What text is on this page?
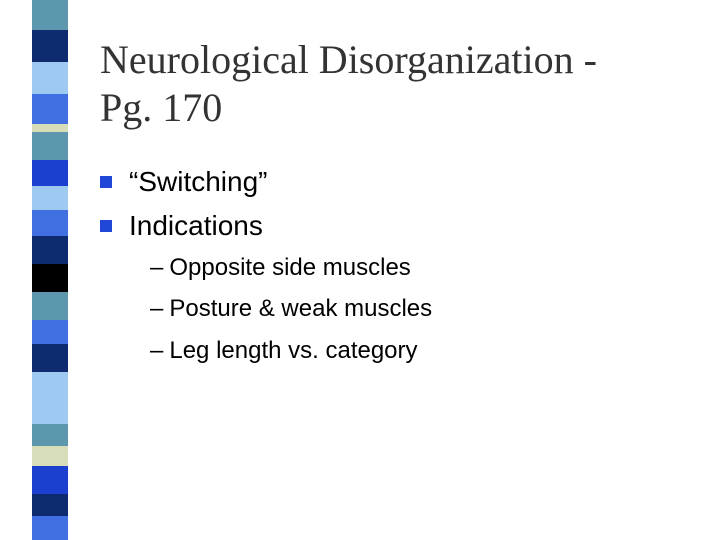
Neurological Disorganization -
Pg. 170
“Switching”
Indications
– Opposite side muscles
– Posture & weak muscles
– Leg length vs. category
